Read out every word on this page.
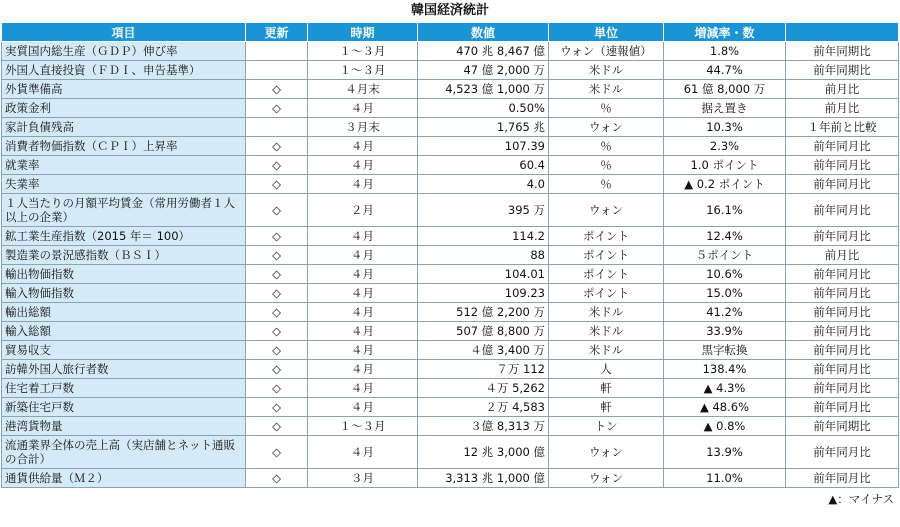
韓国経済統計
項目	更新	時期	数値	単位	増減率・数	
実質国内総生産（ＧＤＰ）伸び率		１～３月	470 兆 8,467 億	ウォン（速報値）	1.8%	前年同期比
外国人直接投資（ＦＤＩ、申告基準）		１～３月	47 億 2,000 万	米ドル	44.7%	前年同期比
外貨準備高	◇	４月末	4,523 億 1,000 万	米ドル	61 億 8,000 万	前月比
政策金利	◇	４月	0.50%	％	据え置き	前月比
家計負債残高		３月末	1,765 兆	ウォン	10.3%	１年前と比較
消費者物価指数（ＣＰＩ）上昇率	◇	４月	107.39	％	2.3%	前年同月比
就業率	◇	４月	60.4	％	1.0 ポイント	前年同月比
失業率	◇	４月	4.0	％	▲ 0.2 ポイント	前年同月比
１人当たりの月額平均賃金（常用労働者１人以上の企業）	◇	２月	395 万	ウォン	16.1%	前年同月比
鉱工業生産指数（2015 年＝ 100）	◇	４月	114.2	ポイント	12.4%	前年同月比
製造業の景況感指数（ＢＳＩ）	◇	４月	88	ポイント	５ポイント	前月比
輸出物価指数	◇	４月	104.01	ポイント	10.6%	前年同月比
輸入物価指数	◇	４月	109.23	ポイント	15.0%	前年同月比
輸出総額	◇	４月	512 億 2,200 万	米ドル	41.2%	前年同月比
輸入総額	◇	４月	507 億 8,800 万	米ドル	33.9%	前年同月比
貿易収支	◇	４月	４億 3,400 万	米ドル	黒字転換	前年同月比
訪韓外国人旅行者数	◇	４月	７万 112	人	138.4%	前年同月比
住宅着工戸数	◇	４月	４万 5,262	軒	▲ 4.3%	前年同月比
新築住宅戸数	◇	４月	２万 4,583	軒	▲ 48.6%	前年同月比
港湾貨物量	◇	１～３月	３億 8,313 万	トン	▲ 0.8%	前年同期比
流通業界全体の売上高（実店舗とネット通販の合計）	◇	４月	12 兆 3,000 億	ウォン	13.9%	前年同月比
通貨供給量（Ｍ２）	◇	３月	3,313 兆 1,000 億	ウォン	11.0%	前年同月比
▲：マイナス
